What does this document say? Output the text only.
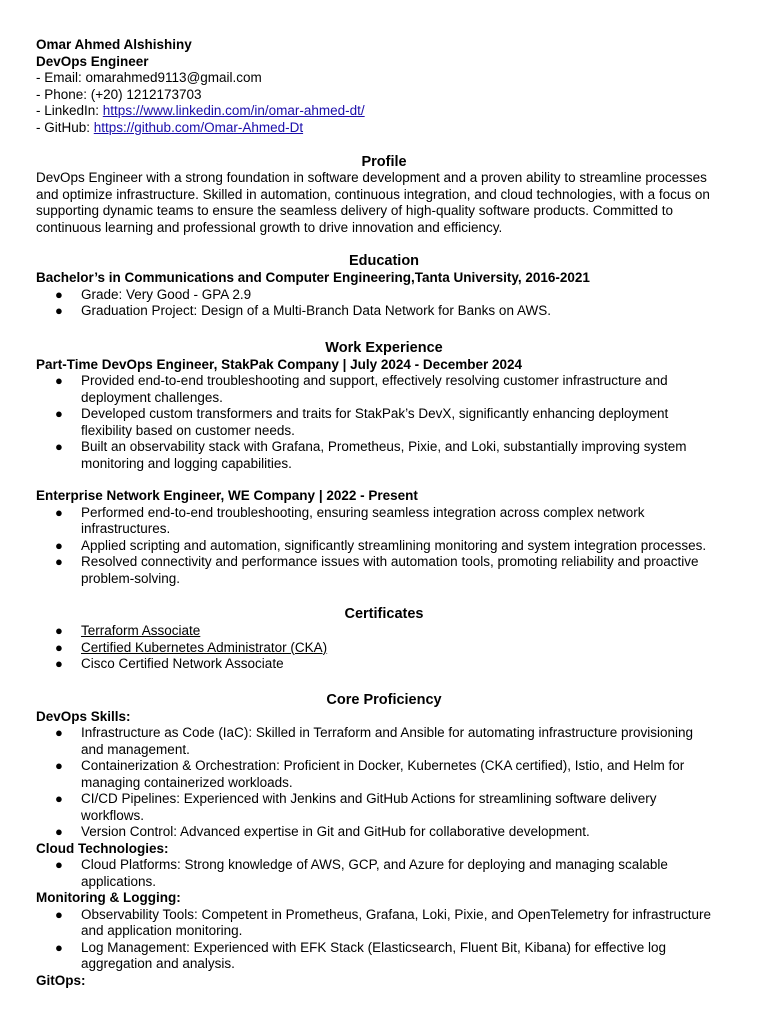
Omar Ahmed Alshishiny
DevOps Engineer
- Email: omarahmed9113@gmail.com
- Phone: (+20) 1212173703
- LinkedIn: https://www.linkedin.com/in/omar-ahmed-dt/
- GitHub: https://github.com/Omar-Ahmed-Dt
Profile
DevOps Engineer with a strong foundation in software development and a proven ability to streamline processes
and optimize infrastructure. Skilled in automation, continuous integration, and cloud technologies, with a focus on
supporting dynamic teams to ensure the seamless delivery of high-quality software products. Committed to
continuous learning and professional growth to drive innovation and efficiency.
Education
Bachelor’s in Communications and Computer Engineering,Tanta University, 2016-2021
● Grade: Very Good - GPA 2.9
● Graduation Project: Design of a Multi-Branch Data Network for Banks on AWS.
Work Experience
Part-Time DevOps Engineer, StakPak Company | July 2024 - December 2024
● Provided end-to-end troubleshooting and support, effectively resolving customer infrastructure and
deployment challenges.
● Developed custom transformers and traits for StakPak’s DevX, significantly enhancing deployment
flexibility based on customer needs.
● Built an observability stack with Grafana, Prometheus, Pixie, and Loki, substantially improving system
monitoring and logging capabilities.
Enterprise Network Engineer, WE Company | 2022 - Present
● Performed end-to-end troubleshooting, ensuring seamless integration across complex network
infrastructures.
● Applied scripting and automation, significantly streamlining monitoring and system integration processes.
● Resolved connectivity and performance issues with automation tools, promoting reliability and proactive
problem-solving.
Certificates
● Terraform Associate
● Certified Kubernetes Administrator (CKA)
● Cisco Certified Network Associate
Core Proficiency
DevOps Skills:
● Infrastructure as Code (IaC): Skilled in Terraform and Ansible for automating infrastructure provisioning
and management.
● Containerization & Orchestration: Proficient in Docker, Kubernetes (CKA certified), Istio, and Helm for
managing containerized workloads.
● CI/CD Pipelines: Experienced with Jenkins and GitHub Actions for streamlining software delivery
workflows.
● Version Control: Advanced expertise in Git and GitHub for collaborative development.
Cloud Technologies:
● Cloud Platforms: Strong knowledge of AWS, GCP, and Azure for deploying and managing scalable
applications.
Monitoring & Logging:
● Observability Tools: Competent in Prometheus, Grafana, Loki, Pixie, and OpenTelemetry for infrastructure
and application monitoring.
● Log Management: Experienced with EFK Stack (Elasticsearch, Fluent Bit, Kibana) for effective log
aggregation and analysis.
GitOps:
